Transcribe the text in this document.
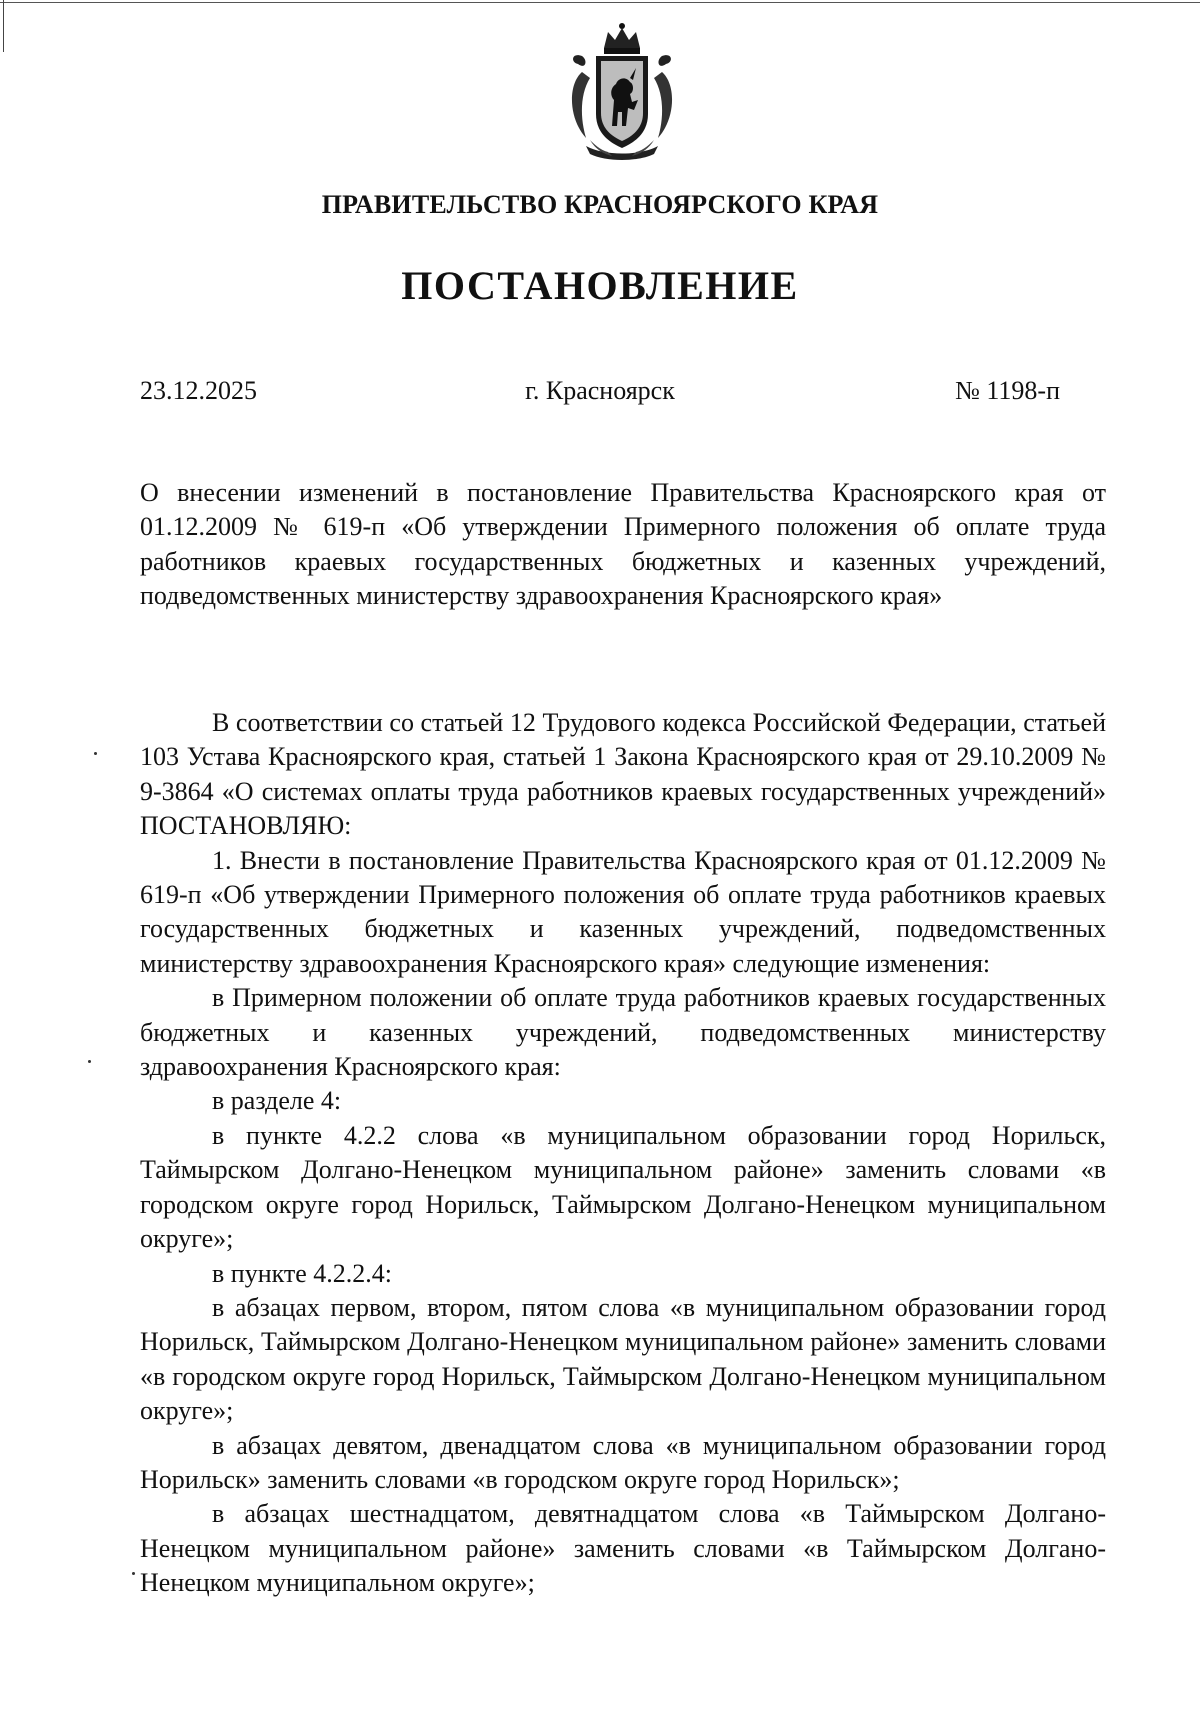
ПРАВИТЕЛЬСТВО КРАСНОЯРСКОГО КРАЯ
ПОСТАНОВЛЕНИЕ
23.12.2025	г. Красноярск	№ 1198-п
О внесении изменений в постановление Правительства Красноярского края от 01.12.2009 № 619-п «Об утверждении Примерного положения об оплате труда работников краевых государственных бюджетных и казенных учреждений, подведомственных министерству здравоохранения Красноярского края»

В соответствии со статьей 12 Трудового кодекса Российской Федерации, статьей 103 Устава Красноярского края, статьей 1 Закона Красноярского края от 29.10.2009 № 9-3864 «О системах оплаты труда работников краевых государственных учреждений» ПОСТАНОВЛЯЮ:

1. Внести в постановление Правительства Красноярского края от 01.12.2009 № 619-п «Об утверждении Примерного положения об оплате труда работников краевых государственных бюджетных и казенных учреждений, подведомственных министерству здравоохранения Красноярского края» следующие изменения:

в Примерном положении об оплате труда работников краевых государственных бюджетных и казенных учреждений, подведомственных министерству здравоохранения Красноярского края:

в разделе 4:

в пункте 4.2.2 слова «в муниципальном образовании город Норильск, Таймырском Долгано-Ненецком муниципальном районе» заменить словами «в городском округе город Норильск, Таймырском Долгано-Ненецком муниципальном округе»;

в пункте 4.2.2.4:

в абзацах первом, втором, пятом слова «в муниципальном образовании город Норильск, Таймырском Долгано-Ненецком муниципальном районе» заменить словами «в городском округе город Норильск, Таймырском Долгано-Ненецком муниципальном округе»;

в абзацах девятом, двенадцатом слова «в муниципальном образовании город Норильск» заменить словами «в городском округе город Норильск»;

в абзацах шестнадцатом, девятнадцатом слова «в Таймырском Долгано-Ненецком муниципальном районе» заменить словами «в Таймырском Долгано-Ненецком муниципальном округе»;
